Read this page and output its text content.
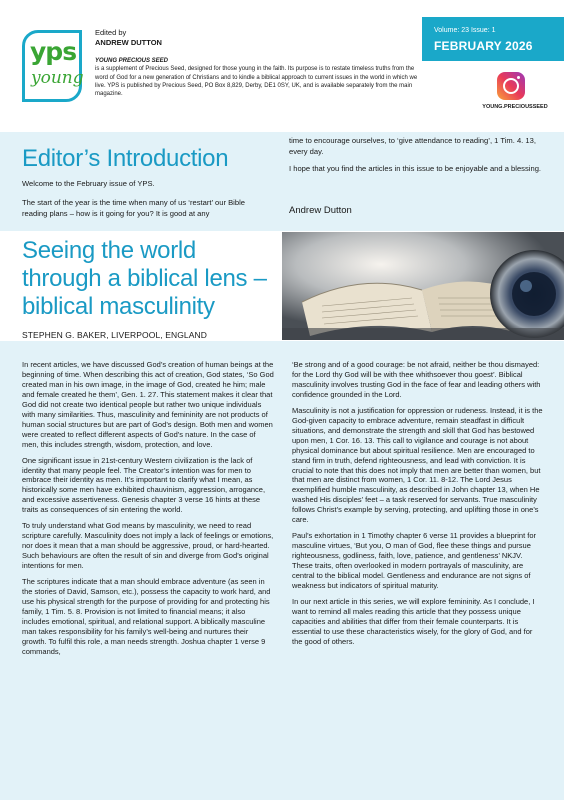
yps
young
Edited by
ANDREW DUTTON
YOUNG PRECIOUS SEED
is a supplement of Precious Seed, designed for those young in the faith. Its purpose is to restate timeless truths from the word of God for a new generation of Christians and to kindle a biblical approach to current issues in the world in which we live. YPS is published by Precious Seed, PO Box 8,829, Derby, DE1 0SY, UK, and is available separately from the main magazine.
Volume: 23 Issue: 1
FEBRUARY 2026
YOUNG.PRECIOUSSEED
Editor’s Introduction
Welcome to the February issue of YPS.
The start of the year is the time when many of us ‘restart’ our Bible reading plans – how is it going for you? It is good at any
time to encourage ourselves, to ‘give attendance to reading’, 1 Tim. 4. 13, every day.
I hope that you find the articles in this issue to be enjoyable and a blessing.
Andrew Dutton
Seeing the world
through a biblical lens –
biblical masculinity
STEPHEN G. BAKER, LIVERPOOL, ENGLAND

In recent articles, we have discussed God’s creation of human beings at the beginning of time. When describing this act of creation, God states, ‘So God created man in his own image, in the image of God, created he him; male and female created he them’, Gen. 1. 27. This statement makes it clear that God did not create two identical people but rather two unique individuals with many similarities. Thus, masculinity and femininity are not products of human social structures but are part of God’s design. Both men and women were created to reflect different aspects of God’s nature. In the case of men, this includes strength, wisdom, protection, and love.

One significant issue in 21st-century Western civilization is the lack of identity that many people feel. The Creator’s intention was for men to embrace their identity as men. It’s important to clarify what I mean, as historically some men have exhibited chauvinism, aggression, arrogance, and excessive assertiveness. Genesis chapter 3 verse 16 hints at these traits as consequences of sin entering the world.

To truly understand what God means by masculinity, we need to read scripture carefully. Masculinity does not imply a lack of feelings or emotions, nor does it mean that a man should be aggressive, proud, or hard-hearted. Such behaviours are often the result of sin and diverge from God’s original intentions for men.

The scriptures indicate that a man should embrace adventure (as seen in the stories of David, Samson, etc.), possess the capacity to work hard, and use his physical strength for the purpose of providing for and protecting his family, 1 Tim. 5. 8. Provision is not limited to financial means; it also includes emotional, spiritual, and relational support. A biblically masculine man takes responsibility for his family’s well-being and nurtures their growth. To fulfil this role, a man needs strength. Joshua chapter 1 verse 9 commands,

‘Be strong and of a good courage: be not afraid, neither be thou dismayed: for the Lord thy God will be with thee whithsoever thou goest’. Biblical masculinity involves trusting God in the face of fear and leading others with confidence grounded in the Lord.

Masculinity is not a justification for oppression or rudeness. Instead, it is the God-given capacity to embrace adventure, remain steadfast in difficult situations, and demonstrate the strength and skill that God has bestowed upon men, 1 Cor. 16. 13. This call to vigilance and courage is not about physical dominance but about spiritual resilience. Men are encouraged to stand firm in truth, defend righteousness, and lead with conviction. It is crucial to note that this does not imply that men are better than women, but that men are distinct from women, 1 Cor. 11. 8-12. The Lord Jesus exemplified humble masculinity, as described in John chapter 13, when He washed His disciples’ feet – a task reserved for servants. True masculinity follows Christ’s example by serving, protecting, and uplifting those in one’s care.

Paul’s exhortation in 1 Timothy chapter 6 verse 11 provides a blueprint for masculine virtues, ‘But you, O man of God, flee these things and pursue righteousness, godliness, faith, love, patience, and gentleness’ NKJV. These traits, often overlooked in modern portrayals of masculinity, are central to the biblical model. Gentleness and endurance are not signs of weakness but indicators of spiritual maturity.

In our next article in this series, we will explore femininity. As I conclude, I want to remind all males reading this article that they possess unique capacities and abilities that differ from their female counterparts. It is essential to use these characteristics wisely, for the glory of God, and for the good of others.
